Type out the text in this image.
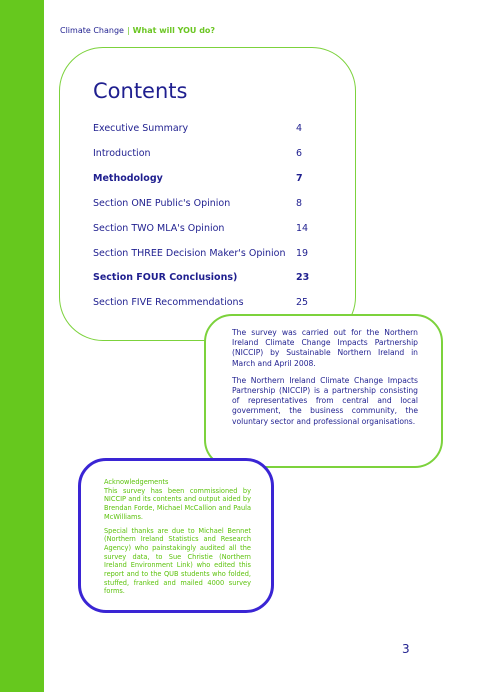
Climate Change | What will YOU do?
Contents
Executive Summary	4
Introduction	6
Methodology	7
Section ONE Public's Opinion	8
Section TWO MLA's Opinion	14
Section THREE Decision Maker's Opinion 19
Section FOUR Conclusions)	23
Section FIVE Recommendations	25

The survey was carried out for the Northern Ireland Climate Change Impacts Partnership (NICCIP) by Sustainable Northern Ireland in March and April 2008.

The Northern Ireland Climate Change Impacts Partnership (NICCIP) is a partnership consisting of representatives from central and local government, the business community, the voluntary sector and professional organisations.

Acknowledgements

This survey has been commissioned by NICCIP and its contents and output aided by Brendan Forde, Michael McCallion and Paula McWilliams.

Special thanks are due to Michael Bennet (Northern Ireland Statistics and Research Agency) who painstakingly audited all the survey data, to Sue Christie (Northern Ireland Environment Link) who edited this report and to the QUB students who folded, stuffed, franked and mailed 4000 survey forms.

3
